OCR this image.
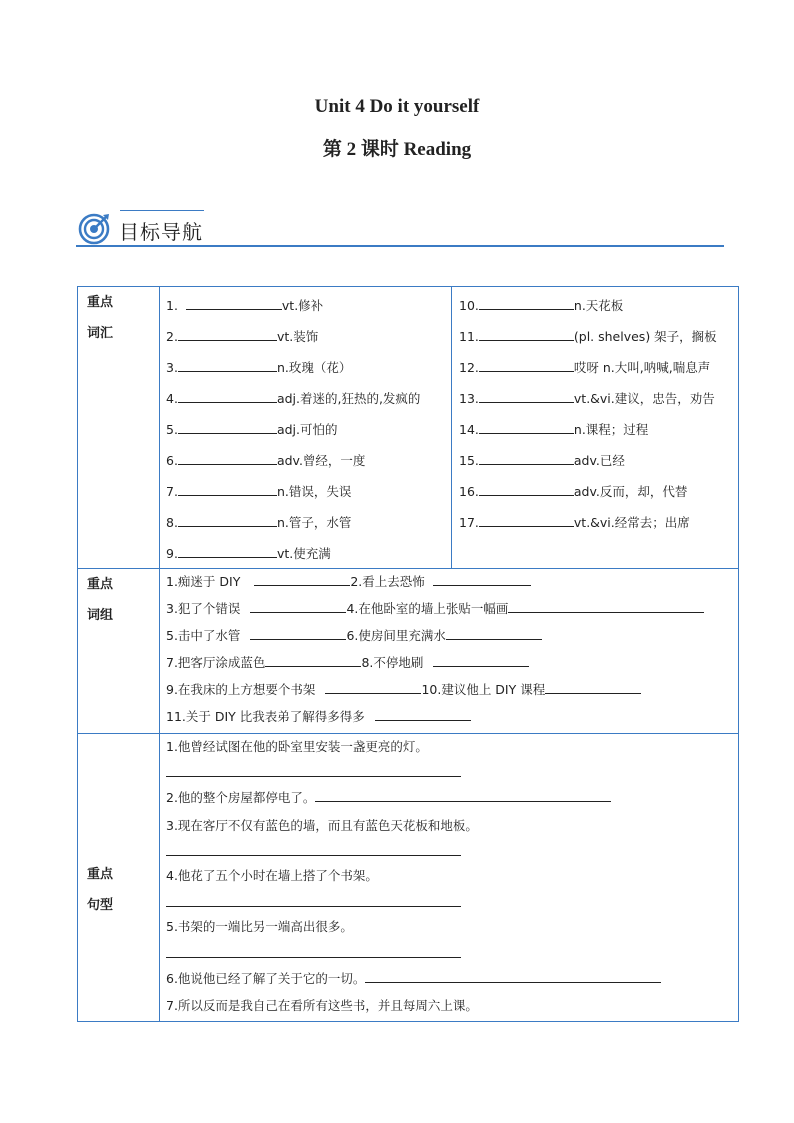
Unit 4 Do it yourself
第 2 课时 Reading
目标导航
重点
词汇
1.	vt.修补
2.	vt.装饰
3.	n.玫瑰（花）
4.	adj.着迷的,狂热的,发疯的
5.	adj.可怕的
6.	adv.曾经，一度
7.	n.错误，失误
8.	n.管子，水管
9.	vt.使充满
10.	n.天花板
11.	(pl. shelves) 架子，搁板
12.	哎呀 n.大叫,呐喊,喘息声
13.	vt.&vi.建议，忠告，劝告
14.	n.课程；过程
15.	adv.已经
16.	adv.反而，却，代替
17.	vt.&vi.经常去；出席
重点
词组
1.痴迷于 DIY	2.看上去恐怖
3.犯了个错误	4.在他卧室的墙上张贴一幅画
5.击中了水管	6.使房间里充满水
7.把客厅涂成蓝色	8.不停地刷
9.在我床的上方想要个书架	10.建议他上 DIY 课程
11.关于 DIY 比我表弟了解得多得多
重点
句型
1.他曾经试图在他的卧室里安装一盏更亮的灯。
2.他的整个房屋都停电了。
3.现在客厅不仅有蓝色的墙，而且有蓝色天花板和地板。
4.他花了五个小时在墙上搭了个书架。
5.书架的一端比另一端高出很多。
6.他说他已经了解了关于它的一切。
7.所以反而是我自己在看所有这些书，并且每周六上课。
